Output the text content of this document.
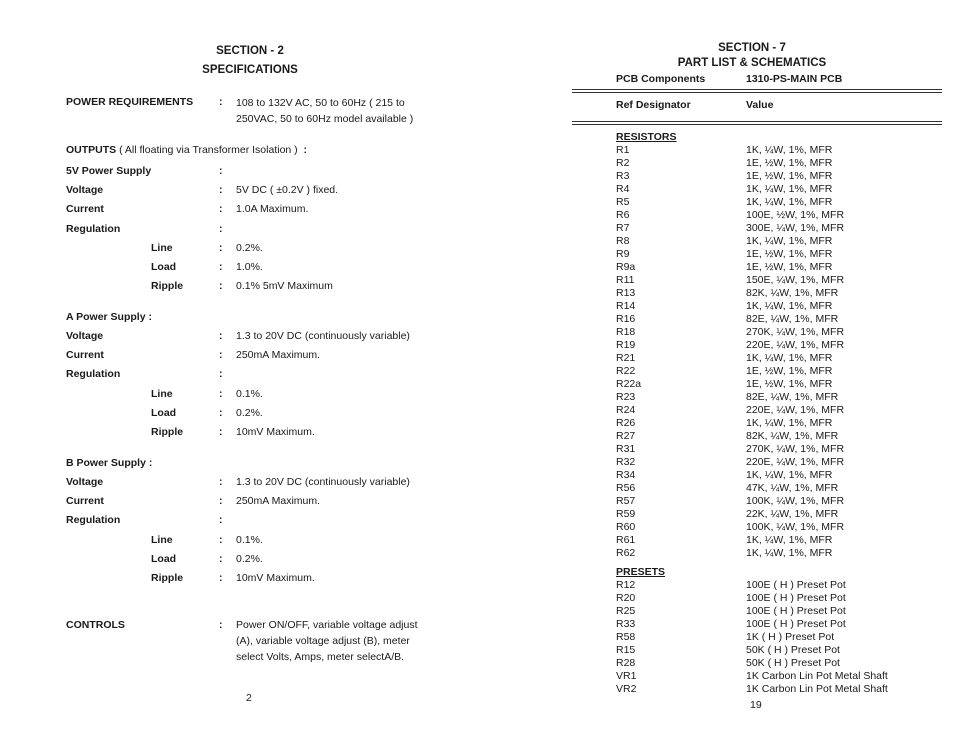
SECTION - 2
SPECIFICATIONS
POWER REQUIREMENTS : 108 to 132V AC, 50 to 60Hz ( 215 to 250VAC, 50 to 60Hz model available )
OUTPUTS ( All floating via Transformer Isolation )  :
5V Power Supply	:
Voltage	: 5V DC ( ±0.2V ) fixed.
Current	: 1.0A Maximum.
Regulation	:
Line	: 0.2%.
Load	: 1.0%.
Ripple	: 0.1% 5mV Maximum
A Power Supply :
Voltage	: 1.3 to 20V DC (continuously variable)
Current	: 250mA Maximum.
Regulation	:
Line	: 0.1%.
Load	: 0.2%.
Ripple	: 10mV Maximum.
B Power Supply :
Voltage	: 1.3 to 20V DC (continuously variable)
Current	: 250mA Maximum.
Regulation	:
Line	: 0.1%.
Load	: 0.2%.
Ripple	: 10mV Maximum.
CONTROLS	: Power ON/OFF, variable voltage adjust (A), variable voltage adjust (B), meter select Volts, Amps, meter selectA/B.
2
SECTION - 7
PART LIST & SCHEMATICS
PCB Components	1310-PS-MAIN PCB
Ref Designator	Value
RESISTORS
R1	1K, ¼W, 1%, MFR
R2	1E, ½W, 1%, MFR
R3	1E, ½W, 1%, MFR
R4	1K, ¼W, 1%, MFR
R5	1K, ¼W, 1%, MFR
R6	100E, ½W, 1%, MFR
R7	300E, ¼W, 1%, MFR
R8	1K, ¼W, 1%, MFR
R9	1E, ½W, 1%, MFR
R9a	1E, ½W, 1%, MFR
R11	150E, ¼W, 1%, MFR
R13	82K, ¼W, 1%, MFR
R14	1K, ¼W, 1%, MFR
R16	82E, ¼W, 1%, MFR
R18	270K, ¼W, 1%, MFR
R19	220E, ¼W, 1%, MFR
R21	1K, ¼W, 1%, MFR
R22	1E, ½W, 1%, MFR
R22a	1E, ½W, 1%, MFR
R23	82E, ¼W, 1%, MFR
R24	220E, ¼W, 1%, MFR
R26	1K, ¼W, 1%, MFR
R27	82K, ¼W, 1%, MFR
R31	270K, ¼W, 1%, MFR
R32	220E, ¼W, 1%, MFR
R34	1K, ¼W, 1%, MFR
R56	47K, ¼W, 1%, MFR
R57	100K, ¼W, 1%, MFR
R59	22K, ¼W, 1%, MFR
R60	100K, ¼W, 1%, MFR
R61	1K, ¼W, 1%, MFR
R62	1K, ¼W, 1%, MFR
PRESETS
R12	100E ( H ) Preset Pot
R20	100E ( H ) Preset Pot
R25	100E ( H ) Preset Pot
R33	100E ( H ) Preset Pot
R58	1K ( H ) Preset Pot
R15	50K ( H ) Preset Pot
R28	50K ( H ) Preset Pot
VR1	1K Carbon Lin Pot Metal Shaft
VR2	1K Carbon Lin Pot Metal Shaft
19
